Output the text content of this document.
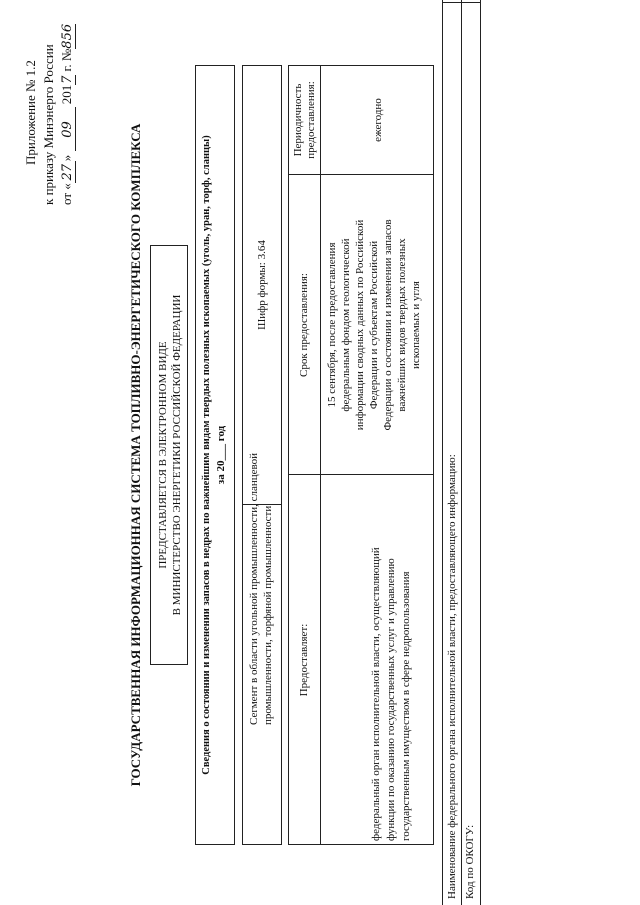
Приложение № 1.2 к приказу Минэнерго России от «27» 09 2017 г. №856
ГОСУДАРСТВЕННАЯ ИНФОРМАЦИОННАЯ СИСТЕМА ТОПЛИВНО-ЭНЕРГЕТИЧЕСКОГО КОМПЛЕКСА ПРЕДСТАВЛЯЕТСЯ В ЭЛЕКТРОННОМ ВИДЕ В МИНИСТЕРСТВО ЭНЕРГЕТИКИ РОССИЙСКОЙ ФЕДЕРАЦИИ Сведения о состоянии и изменении запасов в недрах по важнейшим видам твердых полезных ископаемых (уголь, уран, торф, сланцы) за 20___ год
Сегмент в области угольной промышленности, сланцевой промышленности, торфяной промышленности
Шифр формы: 3.64
Предоставляет:
Срок предоставления:
Периодичность предоставления:
федеральный орган исполнительной власти, осуществляющий функции по оказанию государственных услуг и управлению государственным имуществом в сфере недропользования
15 сентября, после предоставления федеральным фондом геологической информации сводных данных по Российской Федерации и субъектам Российской Федерации о состоянии и изменении запасов важнейших видов твердых полезных ископаемых и угля
ежегодно
Наименование федерального органа исполнительной власти, предоставляющего информацию: Код по ОКОГУ:
